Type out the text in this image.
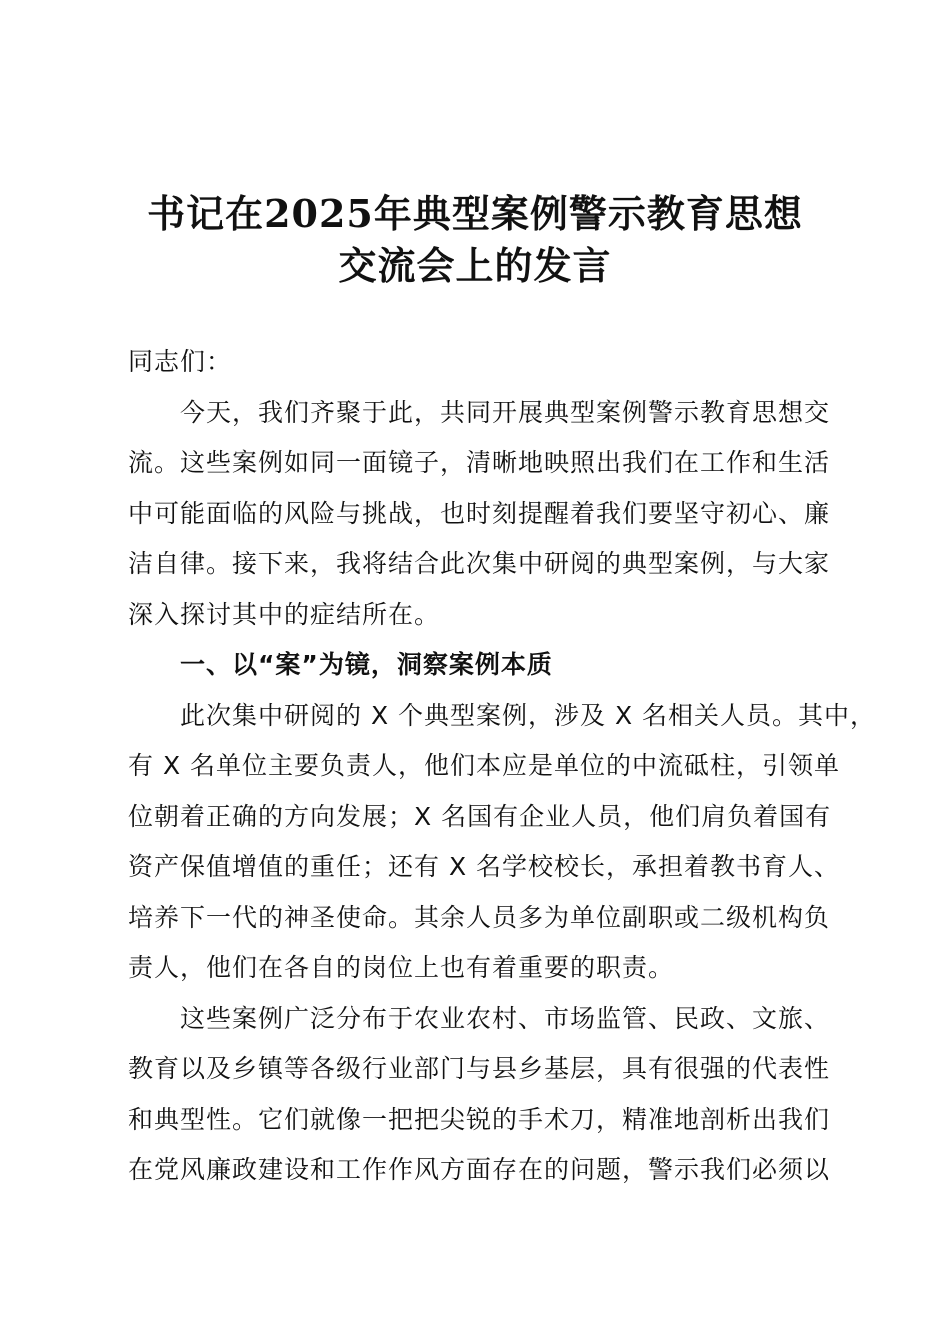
书记在2025年典型案例警示教育思想
交流会上的发言

同志们：

今天，我们齐聚于此，共同开展典型案例警示教育思想交
流。这些案例如同一面镜子，清晰地映照出我们在工作和生活
中可能面临的风险与挑战，也时刻提醒着我们要坚守初心、廉
洁自律。接下来，我将结合此次集中研阅的典型案例，与大家
深入探讨其中的症结所在。

一、以“案”为镜，洞察案例本质

此次集中研阅的 X 个典型案例，涉及 X 名相关人员。其中，
有 X 名单位主要负责人，他们本应是单位的中流砥柱，引领单
位朝着正确的方向发展；X 名国有企业人员，他们肩负着国有
资产保值增值的重任；还有 X 名学校校长，承担着教书育人、
培养下一代的神圣使命。其余人员多为单位副职或二级机构负
责人，他们在各自的岗位上也有着重要的职责。

这些案例广泛分布于农业农村、市场监管、民政、文旅、
教育以及乡镇等各级行业部门与县乡基层，具有很强的代表性
和典型性。它们就像一把把尖锐的手术刀，精准地剖析出我们
在党风廉政建设和工作作风方面存在的问题，警示我们必须以
